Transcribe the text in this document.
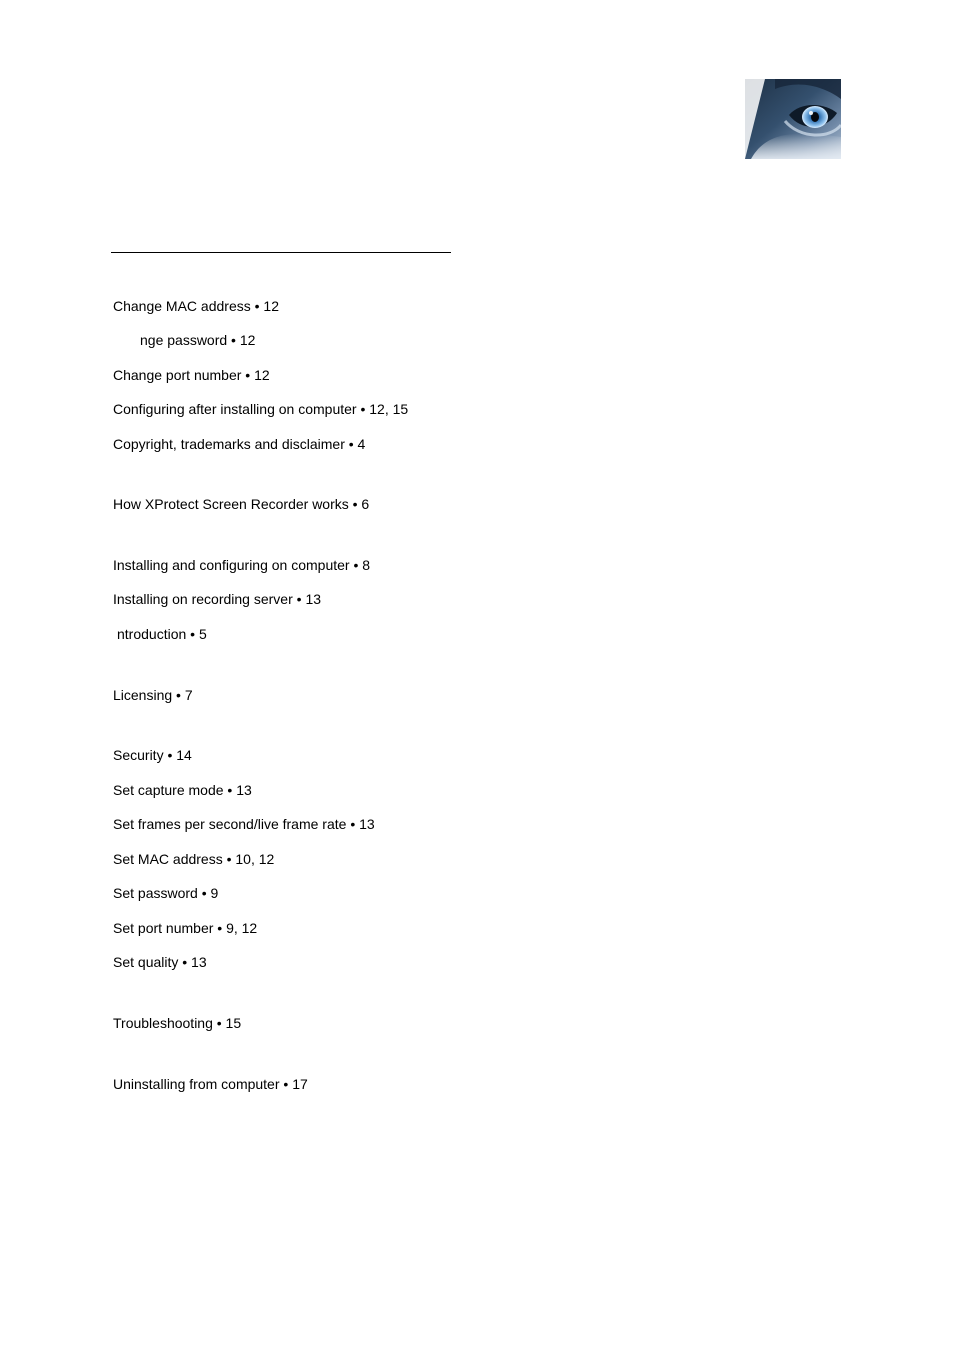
Change MAC address • 12
nge password • 12
Change port number • 12
Configuring after installing on computer • 12, 15
Copyright, trademarks and disclaimer • 4
How XProtect Screen Recorder works • 6
Installing and configuring on computer • 8
Installing on recording server • 13
ntroduction • 5
Licensing • 7
Security • 14
Set capture mode • 13
Set frames per second/live frame rate • 13
Set MAC address • 10, 12
Set password • 9
Set port number • 9, 12
Set quality • 13
Troubleshooting • 15
Uninstalling from computer • 17
